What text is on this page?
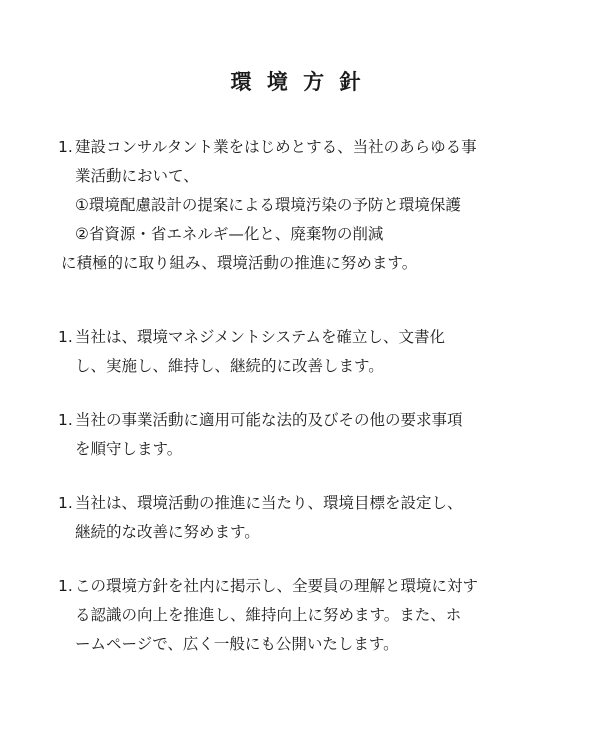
環 境 方 針
1. 建設コンサルタント業をはじめとする、当社のあらゆる事
業活動において、
①環境配慮設計の提案による環境汚染の予防と環境保護
②省資源・省エネルギ—化と、廃棄物の削減
に積極的に取り組み、環境活動の推進に努めます。
1. 当社は、環境マネジメントシステムを確立し、文書化
し、実施し、維持し、継続的に改善します。
1. 当社の事業活動に適用可能な法的及びその他の要求事項
を順守します。
1. 当社は、環境活動の推進に当たり、環境目標を設定し、
継続的な改善に努めます。
1. この環境方針を社内に掲示し、全要員の理解と環境に対す
る認識の向上を推進し、維持向上に努めます。また、ホ
ームページで、広く一般にも公開いたします。
